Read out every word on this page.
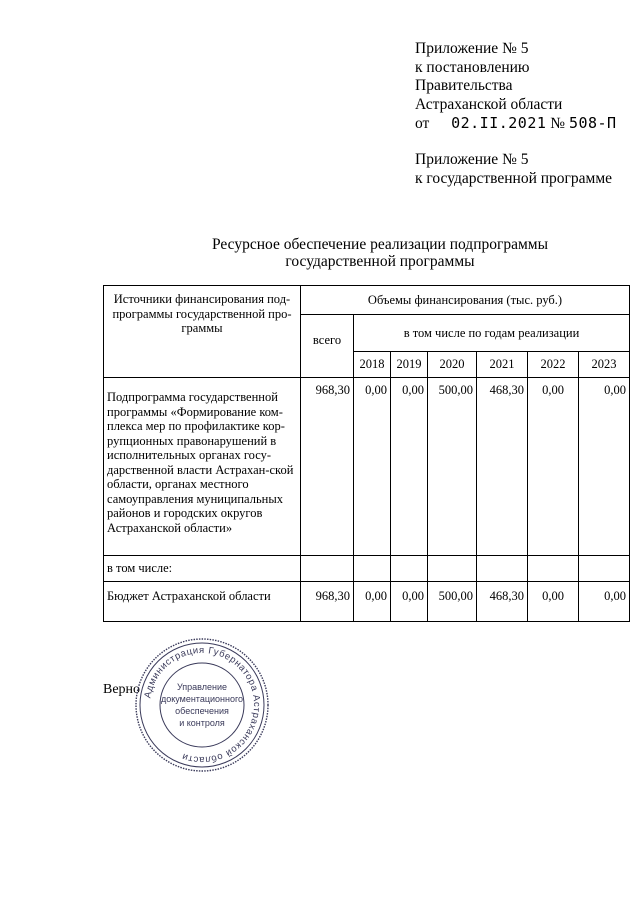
Приложение № 5
к постановлению
Правительства
Астраханской области
от 02.II.2021 № 508-П
Приложение № 5
к государственной программе
Ресурсное обеспечение реализации подпрограммы
государственной программы
Источники финансирования под-программы государственной про-граммы	Объемы финансирования (тыс. руб.)						
	всего	в том числе по годам реализации					
		2018	2019	2020	2021	2022	2023
Подпрограмма государственной программы «Формирование ком-плекса мер по профилактике кор-рупционных правонарушений в исполнительных органах госу-дарственной власти Астрахан-ской области, органах местного самоуправления муниципальных районов и городских округов Астраханской области»	968,30	0,00	0,00	500,00	468,30	0,00	0,00
в том числе:							
Бюджет Астраханской области	968,30	0,00	0,00	500,00	468,30	0,00	0,00
Верно Администрация Губернатора Астраханской области
Управление
документационного
обеспечения
и контроля
